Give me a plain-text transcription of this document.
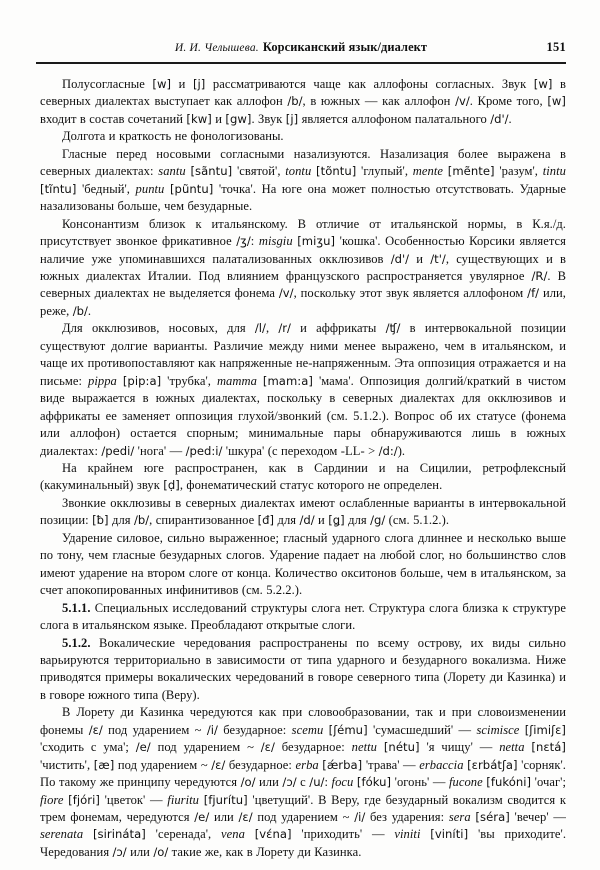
И. И. Челышева. Корсиканский язык/диалект	151

Полусогласные [w] и [j] рассматриваются чаще как аллофоны согласных. Звук [w] в северных диалектах выступает как аллофон /b/, в южных — как аллофон /v/. Кроме того, [w] входит в состав сочетаний [kw] и [gw]. Звук [j] является аллофоном палатального /d'/.

Долгота и краткость не фонологизованы.

Гласные перед носовыми согласными назализуются. Назализация более выражена в северных диалектах: santu [sãntu] 'святой', tontu [tõntu] 'глупый', mente [mẽnte] 'разум', tintu [tĩntu] 'бедный', puntu [pũntu] 'точка'. На юге она может полностью отсутствовать. Ударные назализованы больше, чем безударные.

Консонантизм близок к итальянскому. В отличие от итальянской нормы, в К.я./д. присутствует звонкое фрикативное /ʒ/: misgiu [miʒu] 'кошка'. Особенностью Корсики является наличие уже упоминавшихся палатализованных окклюзивов /d'/ и /t'/, существующих и в южных диалектах Италии. Под влиянием французского распространяется увулярное /R/. В северных диалектах не выделяется фонема /v/, поскольку этот звук является аллофоном /f/ или, реже, /b/.

Для окклюзивов, носовых, для /l/, /r/ и аффрикаты /ʧ/ в интервокальной позиции существуют долгие варианты. Различие между ними менее выражено, чем в итальянском, и чаще их противопоставляют как напряженные не-напряженным. Эта оппозиция отражается и на письме: pippa [pip:a] 'трубка', mamma [mam:a] 'мама'. Оппозиция долгий/краткий в чистом виде выражается в южных диалектах, поскольку в северных диалектах для окклюзивов и аффрикаты ее заменяет оппозиция глухой/звонкий (см. 5.1.2.). Вопрос об их статусе (фонема или аллофон) остается спорным; минимальные пары обнаруживаются лишь в южных диалектах: /pedi/ 'нога' — /ped:i/ 'шкура' (с переходом -LL- > /d:/).

На крайнем юге распространен, как в Сардинии и на Сицилии, ретрофлексный (какуминальный) звук [ḍ], фонематический статус которого не определен.

Звонкие окклюзивы в северных диалектах имеют ослабленные варианты в интервокальной позиции: [ƀ] для /b/, спирантизованное [đ] для /d/ и [ǥ] для /g/ (см. 5.1.2.).

Ударение силовое, сильно выраженное; гласный ударного слога длиннее и несколько выше по тону, чем гласные безударных слогов. Ударение падает на любой слог, но большинство слов имеют ударение на втором слоге от конца. Количество окситонов больше, чем в итальянском, за счет апокопированных инфинитивов (см. 5.2.2.).

5.1.1. Специальных исследований структуры слога нет. Структура слога близка к структуре слога в итальянском языке. Преобладают открытые слоги.

5.1.2. Вокалические чередования распространены по всему острову, их виды сильно варьируются территориально в зависимости от типа ударного и безударного вокализма. Ниже приводятся примеры вокалических чередований в говоре северного типа (Лорету ди Казинка) и в говоре южного типа (Веру).

В Лорету ди Казинка чередуются как при словообразовании, так и при словоизменении фонемы /ɛ/ под ударением ~ /i/ безударное: scemu [ʃému] 'сумасшедший' — scimisce [ʃimiʃɛ] 'сходить с ума'; /e/ под ударением ~ /ɛ/ безударное: nettu [nétu] 'я чищу' — netta [nɛtá] 'чистить', [æ] под ударением ~ /ɛ/ безударное: erba [ǽrba] 'трава' — erbaccia [ɛrbátʃa] 'сорняк'. По такому же принципу чередуются /o/ или /ɔ/ с /u/: focu [fóku] 'огонь' — fucone [fukóni] 'очаг'; fiore [fjóri] 'цветок' — fiuritu [fjurítu] 'цветущий'. В Веру, где безударный вокализм сводится к трем фонемам, чередуются /e/ или /ɛ/ под ударением ~ /i/ без ударения: sera [séra] 'вечер' — serenata [sirináta] 'серенада', vena [vɛ́na] 'приходить' — viniti [viníti] 'вы приходите'. Чередования /ɔ/ или /o/ такие же, как в Лорету ди Казинка.
